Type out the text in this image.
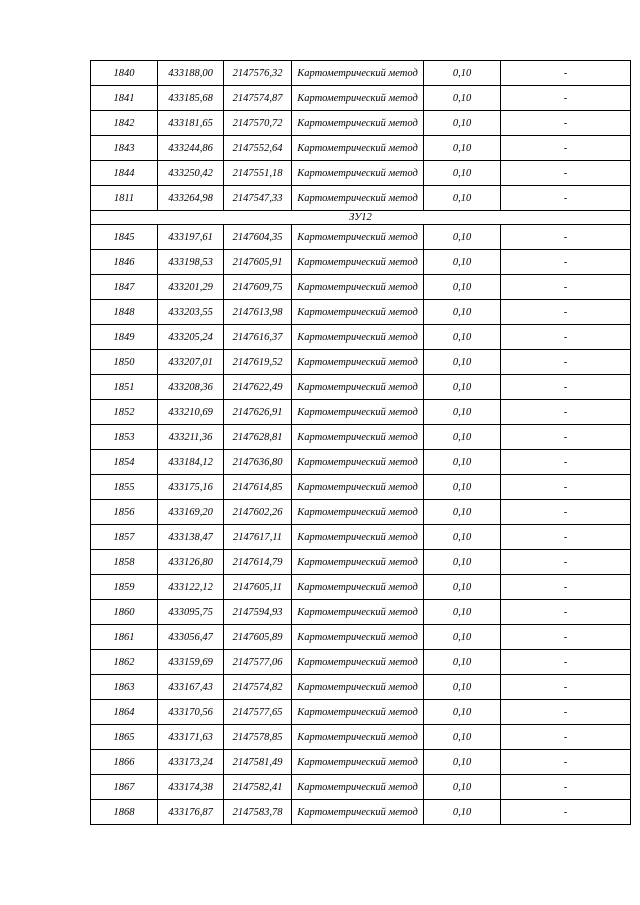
1840	433188,00	2147576,32	Картометрический метод	0,10	-
1841	433185,68	2147574,87	Картометрический метод	0,10	-
1842	433181,65	2147570,72	Картометрический метод	0,10	-
1843	433244,86	2147552,64	Картометрический метод	0,10	-
1844	433250,42	2147551,18	Картометрический метод	0,10	-
1811	433264,98	2147547,33	Картометрический метод	0,10	-
ЗУ12					
1845	433197,61	2147604,35	Картометрический метод	0,10	-
1846	433198,53	2147605,91	Картометрический метод	0,10	-
1847	433201,29	2147609,75	Картометрический метод	0,10	-
1848	433203,55	2147613,98	Картометрический метод	0,10	-
1849	433205,24	2147616,37	Картометрический метод	0,10	-
1850	433207,01	2147619,52	Картометрический метод	0,10	-
1851	433208,36	2147622,49	Картометрический метод	0,10	-
1852	433210,69	2147626,91	Картометрический метод	0,10	-
1853	433211,36	2147628,81	Картометрический метод	0,10	-
1854	433184,12	2147636,80	Картометрический метод	0,10	-
1855	433175,16	2147614,85	Картометрический метод	0,10	-
1856	433169,20	2147602,26	Картометрический метод	0,10	-
1857	433138,47	2147617,11	Картометрический метод	0,10	-
1858	433126,80	2147614,79	Картометрический метод	0,10	-
1859	433122,12	2147605,11	Картометрический метод	0,10	-
1860	433095,75	2147594,93	Картометрический метод	0,10	-
1861	433056,47	2147605,89	Картометрический метод	0,10	-
1862	433159,69	2147577,06	Картометрический метод	0,10	-
1863	433167,43	2147574,82	Картометрический метод	0,10	-
1864	433170,56	2147577,65	Картометрический метод	0,10	-
1865	433171,63	2147578,85	Картометрический метод	0,10	-
1866	433173,24	2147581,49	Картометрический метод	0,10	-
1867	433174,38	2147582,41	Картометрический метод	0,10	-
1868	433176,87	2147583,78	Картометрический метод	0,10	-
